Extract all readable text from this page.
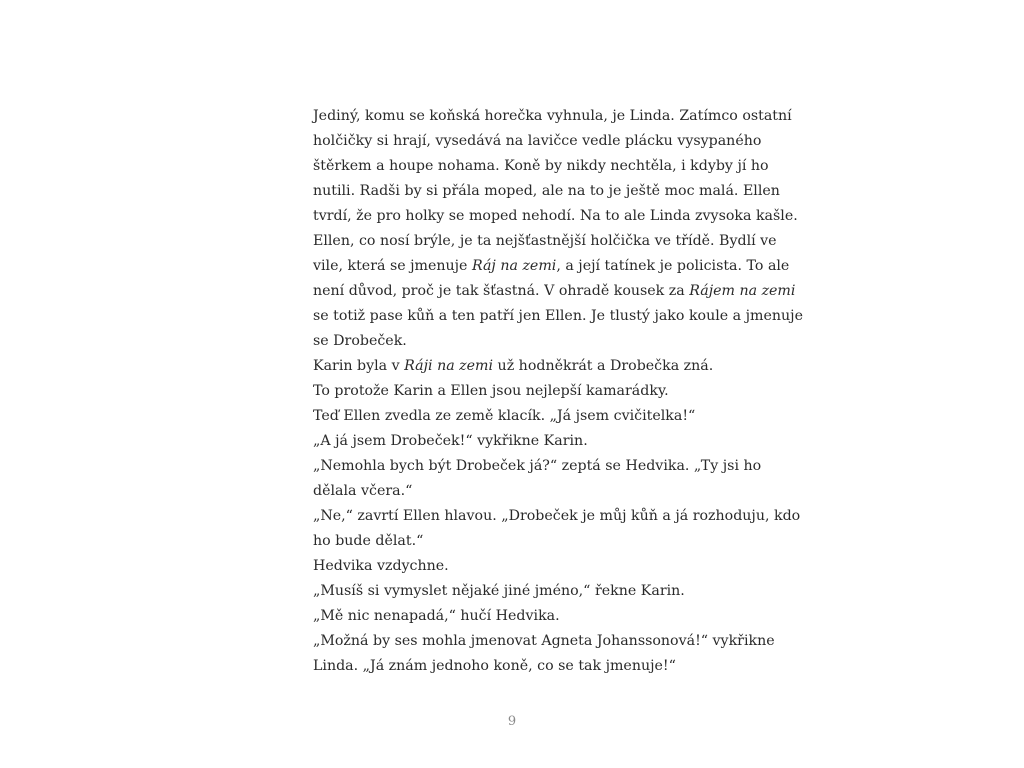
Jediný, komu se koňská horečka vyhnula, je Linda. Zatímco ostatní
holčičky si hrají, vysedává na lavičce vedle plácku vysypaného
štěrkem a houpe nohama. Koně by nikdy nechtěla, i kdyby jí ho
nutili. Radši by si přála moped, ale na to je ještě moc malá. Ellen
tvrdí, že pro holky se moped nehodí. Na to ale Linda zvysoka kašle.
Ellen, co nosí brýle, je ta nejšťastnější holčička ve třídě. Bydlí ve
vile, která se jmenuje Ráj na zemi, a její tatínek je policista. To ale
není důvod, proč je tak šťastná. V ohradě kousek za Rájem na zemi
se totiž pase kůň a ten patří jen Ellen. Je tlustý jako koule a jmenuje
se Drobeček.
Karin byla v Ráji na zemi už hodněkrát a Drobečka zná.
To protože Karin a Ellen jsou nejlepší kamarádky.
Teď Ellen zvedla ze země klacík. „Já jsem cvičitelka!“
„A já jsem Drobeček!“ vykřikne Karin.
„Nemohla bych být Drobeček já?“ zeptá se Hedvika. „Ty jsi ho
dělala včera.“
„Ne,“ zavrtí Ellen hlavou. „Drobeček je můj kůň a já rozhoduju, kdo
ho bude dělat.“
Hedvika vzdychne.
„Musíš si vymyslet nějaké jiné jméno,“ řekne Karin.
„Mě nic nenapadá,“ hučí Hedvika.
„Možná by ses mohla jmenovat Agneta Johanssonová!“ vykřikne
Linda. „Já znám jednoho koně, co se tak jmenuje!“
9
